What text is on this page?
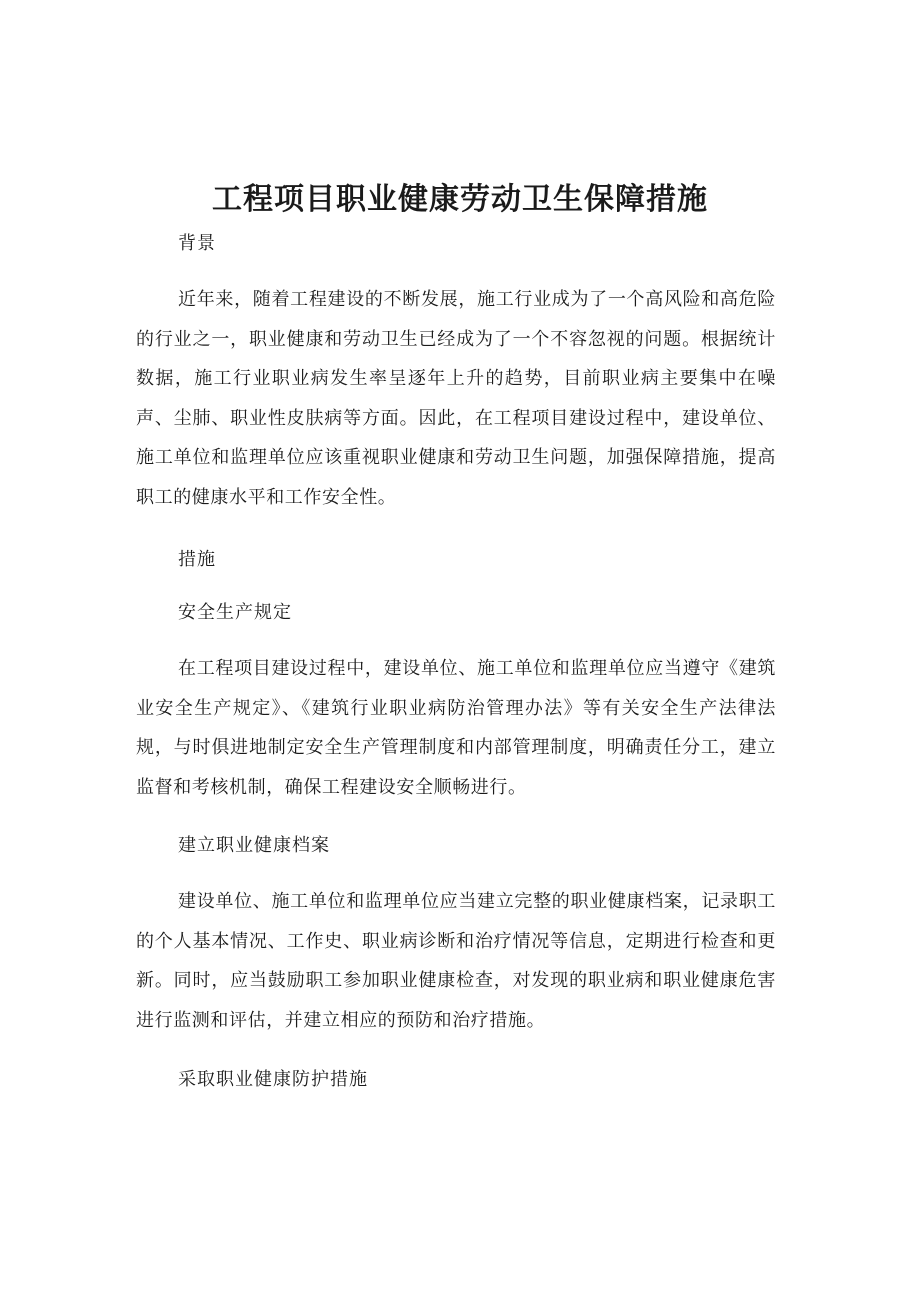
工程项目职业健康劳动卫生保障措施

背景

近年来，随着工程建设的不断发展，施工行业成为了一个高风险和高危险的行业之一，职业健康和劳动卫生已经成为了一个不容忽视的问题。根据统计数据，施工行业职业病发生率呈逐年上升的趋势，目前职业病主要集中在噪声、尘肺、职业性皮肤病等方面。因此，在工程项目建设过程中，建设单位、施工单位和监理单位应该重视职业健康和劳动卫生问题，加强保障措施，提高职工的健康水平和工作安全性。

措施

安全生产规定

在工程项目建设过程中，建设单位、施工单位和监理单位应当遵守《建筑业安全生产规定》、《建筑行业职业病防治管理办法》等有关安全生产法律法规，与时俱进地制定安全生产管理制度和内部管理制度，明确责任分工，建立监督和考核机制，确保工程建设安全顺畅进行。

建立职业健康档案

建设单位、施工单位和监理单位应当建立完整的职业健康档案，记录职工的个人基本情况、工作史、职业病诊断和治疗情况等信息，定期进行检查和更新。同时，应当鼓励职工参加职业健康检查，对发现的职业病和职业健康危害进行监测和评估，并建立相应的预防和治疗措施。

采取职业健康防护措施
